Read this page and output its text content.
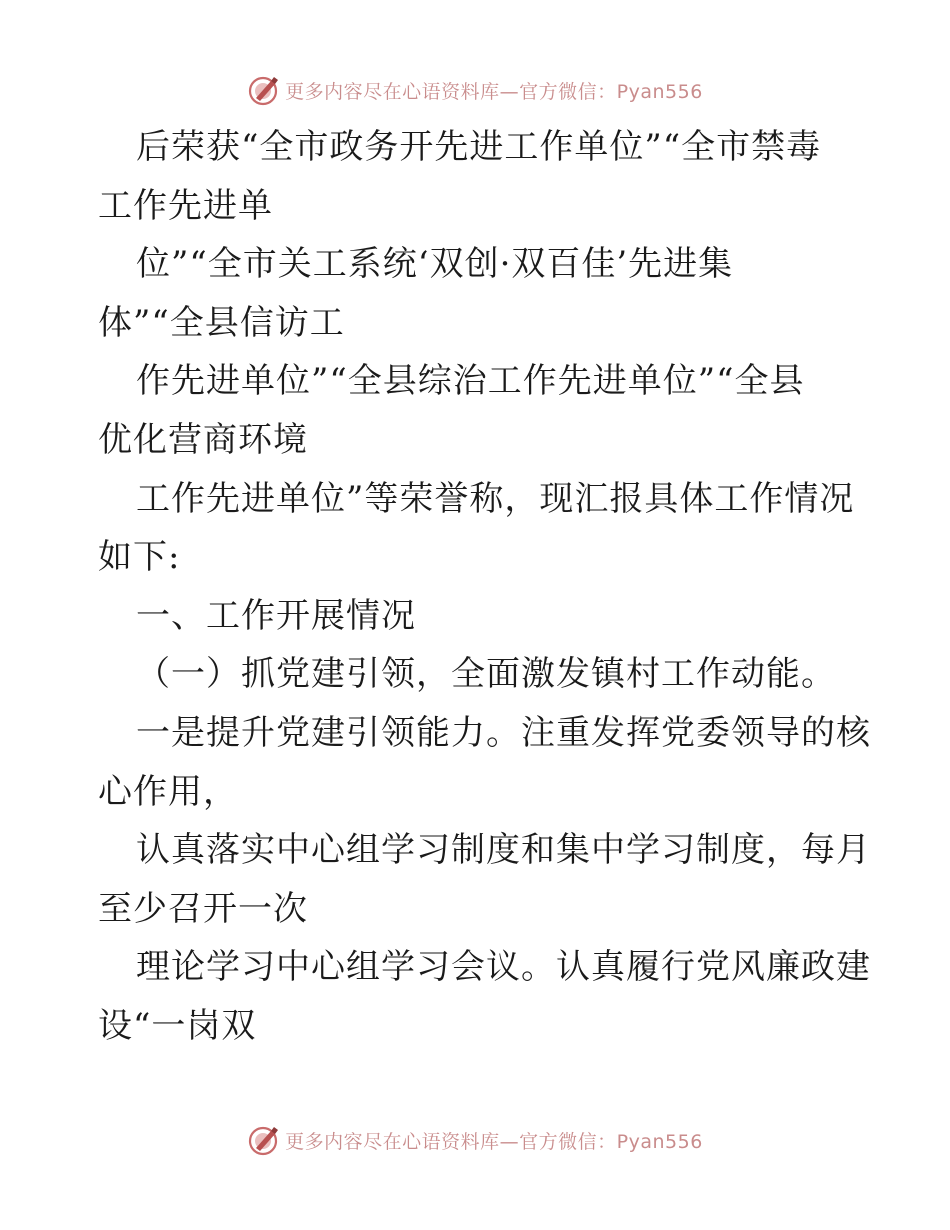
更多内容尽在心语资料库—官方微信：Pyan556
后荣获“全市政务开先进工作单位”“全市禁毒
工作先进单
位”“全市关工系统‘双创·双百佳’先进集
体”“全县信访工
作先进单位”“全县综治工作先进单位”“全县
优化营商环境
工作先进单位”等荣誉称，现汇报具体工作情况
如下:
一、工作开展情况
（一）抓党建引领，全面激发镇村工作动能。
一是提升党建引领能力。注重发挥党委领导的核
心作用，
认真落实中心组学习制度和集中学习制度，每月
至少召开一次
理论学习中心组学习会议。认真履行党风廉政建
设“一岗双
更多内容尽在心语资料库—官方微信：Pyan556
